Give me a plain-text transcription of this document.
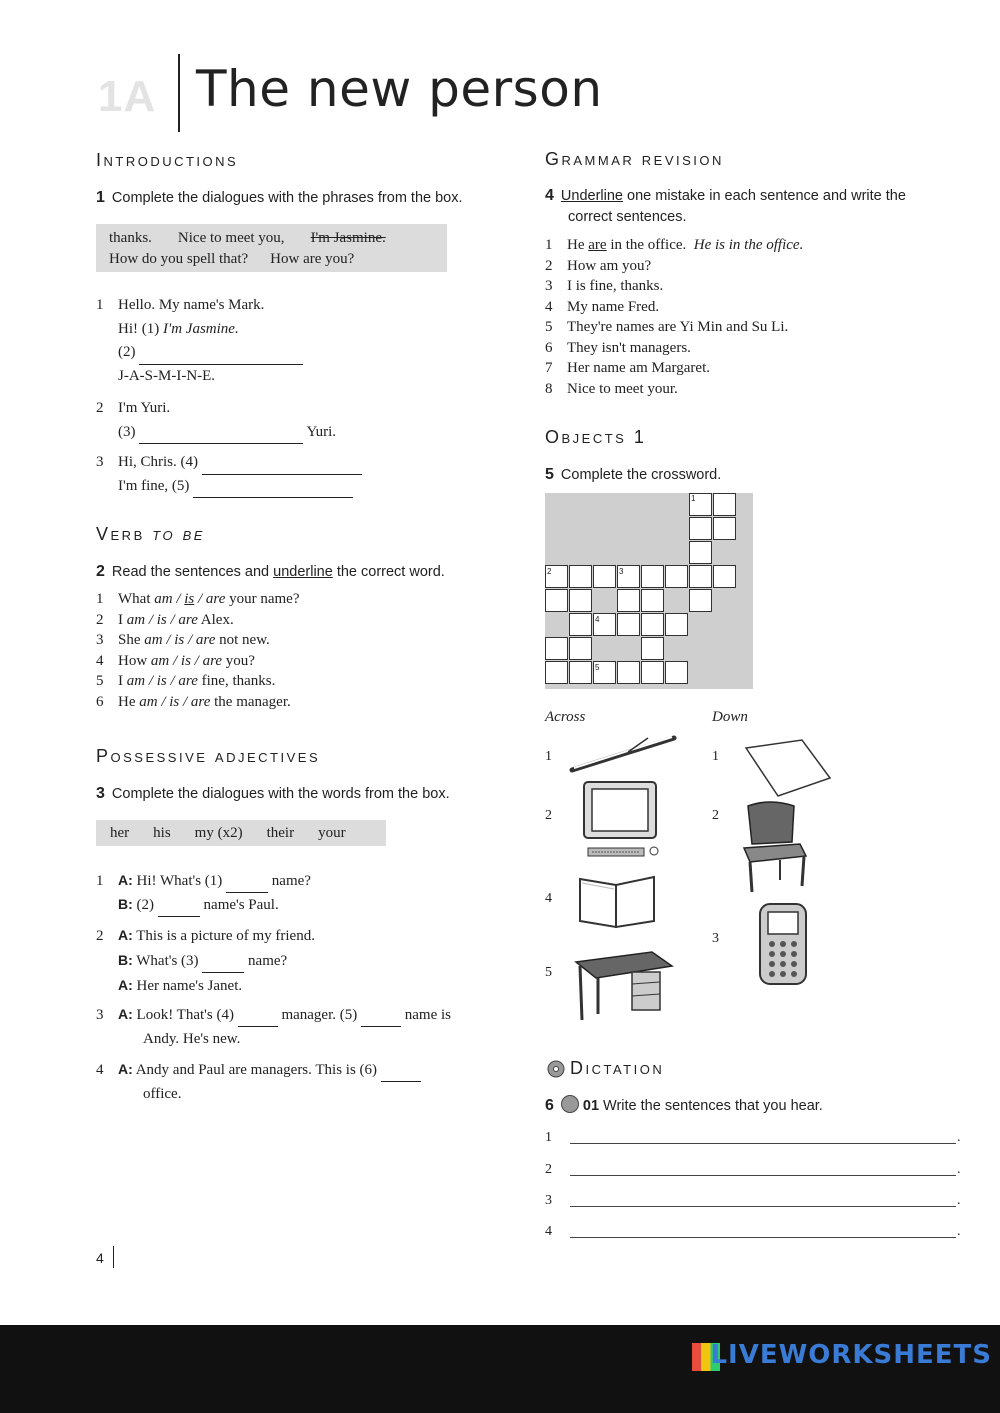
1A The new person
Introductions
1 Complete the dialogues with the phrases from the box.
thanks. Nice to meet you, I'm Jasmine.
How do you spell that? How are you?
1 Hello. My name's Mark.
Hi! (1) I'm Jasmine.
(2)
J-A-S-M-I-N-E.
2 I'm Yuri.
(3)	Yuri.
3 Hi, Chris. (4)
I'm fine, (5)
Verb to be
2 Read the sentences and underline the correct word.
1 What am / is / are your name?
2 I am / is / are Alex.
3 She am / is / are not new.
4 How am / is / are you?
5 I am / is / are fine, thanks.
6 He am / is / are the manager.
Possessive adjectives
3 Complete the dialogues with the words from the box.
her his my (x2) their your
1 A: Hi! What's (1)	name?
B: (2)	name's Paul.
2 A: This is a picture of my friend.
B: What's (3)	name?
A: Her name's Janet.
3 A: Look! That's (4)	manager. (5)	name is
Andy. He's new.
4 A: Andy and Paul are managers. This is (6)
office.
Grammar revision
4 Underline one mistake in each sentence and write the
correct sentences.
1 He are in the office. He is in the office.
2 How am you?
3 I is fine, thanks.
4 My name Fred.
5 They're names are Yi Min and Su Li.
6 They isn't managers.
7 Her name am Margaret.
8 Nice to meet your.
Objects 1
5 Complete the crossword.
1
2	3
4
5
Across	Down
1
2
4
5
1
2
3
Dictation
6 01 Write the sentences that you hear.
1	.
2	.
3	.
4	.
4
LIVEWORKSHEETS
